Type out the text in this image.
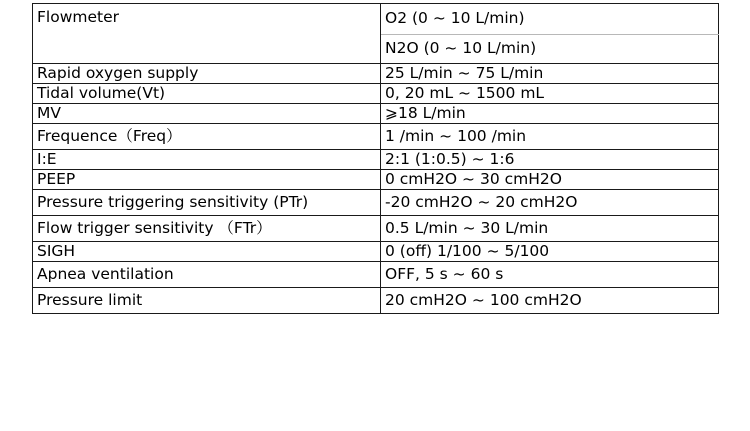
Flowmeter	O2 (0 ~ 10 L/min)
	N2O (0 ~ 10 L/min)
Rapid oxygen supply	25 L/min ~ 75 L/min
Tidal volume(Vt)	0, 20 mL ~ 1500 mL
MV	⩾18 L/min
Frequence（Freq）	1 /min ~ 100 /min
I:E	2:1 (1:0.5) ~ 1:6
PEEP	0 cmH2O ~ 30 cmH2O
Pressure triggering sensitivity (PTr)	-20 cmH2O ~ 20 cmH2O
Flow trigger sensitivity （FTr）	0.5 L/min ~ 30 L/min
SIGH	0 (off) 1/100 ~ 5/100
Apnea ventilation	OFF, 5 s ~ 60 s
Pressure limit	20 cmH2O ~ 100 cmH2O
